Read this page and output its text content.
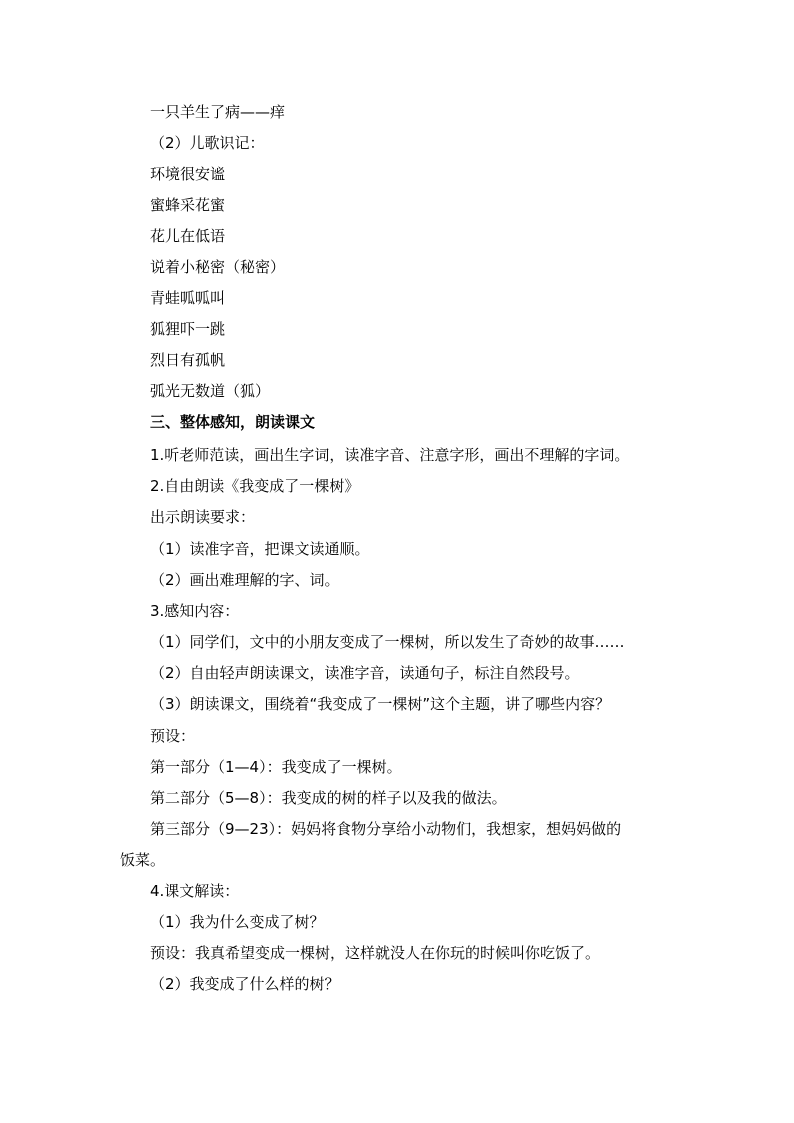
一只羊生了病——痒
（2）儿歌识记：
环境很安谧
蜜蜂采花蜜
花儿在低语
说着小秘密（秘密）
青蛙呱呱叫
狐狸吓一跳
烈日有孤帆
弧光无数道（狐）
三、整体感知，朗读课文
1.听老师范读，画出生字词，读准字音、注意字形，画出不理解的字词。
2.自由朗读《我变成了一棵树》
出示朗读要求：
（1）读准字音，把课文读通顺。
（2）画出难理解的字、词。
3.感知内容：
（1）同学们，文中的小朋友变成了一棵树，所以发生了奇妙的故事……
（2）自由轻声朗读课文，读准字音，读通句子，标注自然段号。
（3）朗读课文，围绕着“我变成了一棵树”这个主题，讲了哪些内容？
预设：
第一部分（1—4）：我变成了一棵树。
第二部分（5—8）：我变成的树的样子以及我的做法。
第三部分（9—23）：妈妈将食物分享给小动物们，我想家，想妈妈做的
饭菜。
4.课文解读：
（1）我为什么变成了树？
预设：我真希望变成一棵树，这样就没人在你玩的时候叫你吃饭了。
（2）我变成了什么样的树？
